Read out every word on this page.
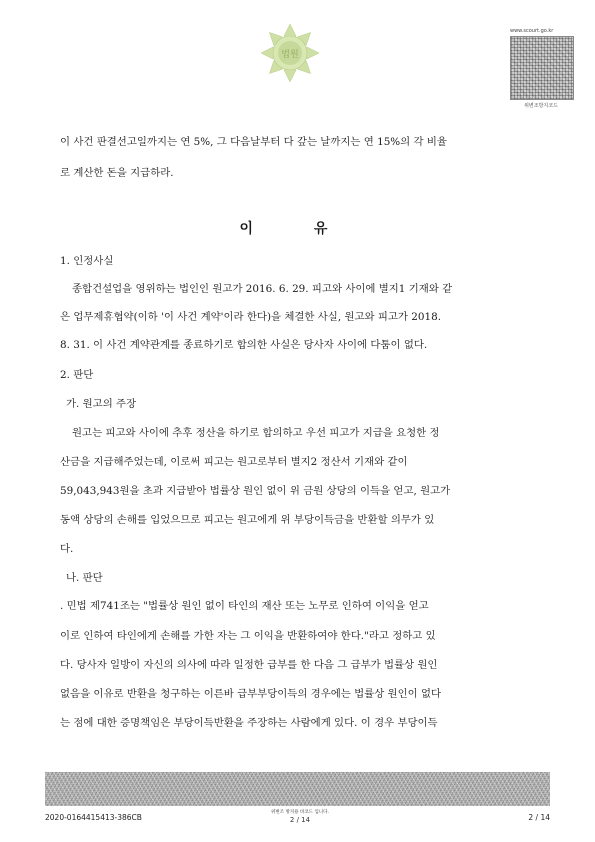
법원
www.scourt.go.kr
위변조방지코드
이 사건 판결선고일까지는 연 5%, 그 다음날부터 다 갚는 날까지는 연 15%의 각 비율
로 계산한 돈을 지급하라.
1. 인정사실
종합건설업을 영위하는 법인인 원고가 2016. 6. 29. 피고와 사이에 별지1 기재와 같
은 업무제휴협약(이하 '이 사건 계약'이라 한다)을 체결한 사실, 원고와 피고가 2018.
8. 31. 이 사건 계약관계를 종료하기로 합의한 사실은 당사자 사이에 다툼이 없다.
2. 판단
가. 원고의 주장
원고는 피고와 사이에 추후 정산을 하기로 합의하고 우선 피고가 지급을 요청한 정
산금을 지급해주었는데, 이로써 피고는 원고로부터 별지2 정산서 기재와 같이
59,043,943원을 초과 지급받아 법률상 원인 없이 위 금원 상당의 이득을 얻고, 원고가
동액 상당의 손해를 입었으므로 피고는 원고에게 위 부당이득금을 반환할 의무가 있
다.
나. 판단
. 민법 제741조는 "법률상 원인 없이 타인의 재산 또는 노무로 인하여 이익을 얻고
이로 인하여 타인에게 손해를 가한 자는 그 이익을 반환하여야 한다."라고 정하고 있
다. 당사자 일방이 자신의 의사에 따라 일정한 급부를 한 다음 그 급부가 법률상 원인
없음을 이유로 반환을 청구하는 이른바 급부부당이득의 경우에는 법률상 원인이 없다
는 점에 대한 증명책임은 부당이득반환을 주장하는 사람에게 있다. 이 경우 부당이득
이 유
2020-0164415413-386CB
위변조 방지용 바코드 입니다.
2 / 14	2 / 14
